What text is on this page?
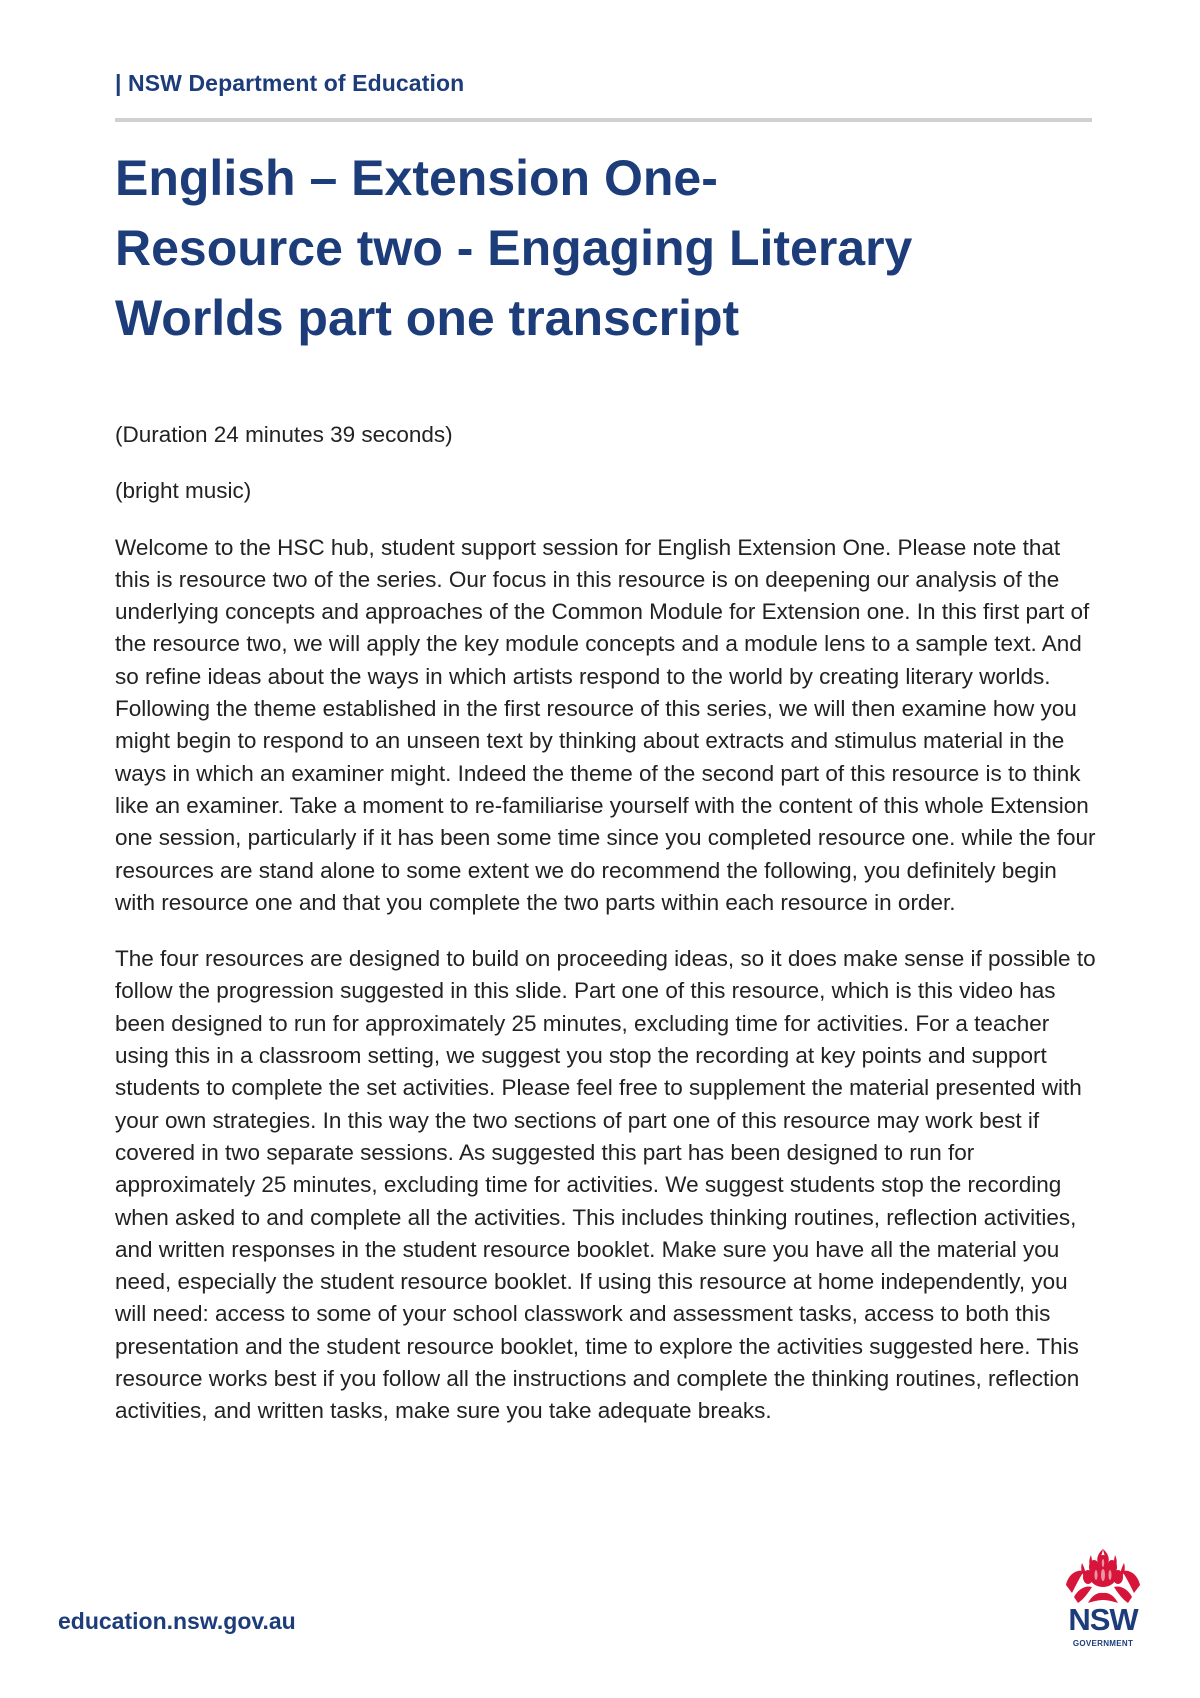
| NSW Department of Education
English – Extension One-
Resource two - Engaging Literary
Worlds part one transcript

(Duration 24 minutes 39 seconds)

(bright music)

Welcome to the HSC hub, student support session for English Extension One. Please note that this is resource two of the series. Our focus in this resource is on deepening our analysis of the underlying concepts and approaches of the Common Module for Extension one. In this first part of the resource two, we will apply the key module concepts and a module lens to a sample text. And so refine ideas about the ways in which artists respond to the world by creating literary worlds. Following the theme established in the first resource of this series, we will then examine how you might begin to respond to an unseen text by thinking about extracts and stimulus material in the ways in which an examiner might. Indeed the theme of the second part of this resource is to think like an examiner. Take a moment to re-familiarise yourself with the content of this whole Extension one session, particularly if it has been some time since you completed resource one. while the four resources are stand alone to some extent we do recommend the following, you definitely begin with resource one and that you complete the two parts within each resource in order.

The four resources are designed to build on proceeding ideas, so it does make sense if possible to follow the progression suggested in this slide. Part one of this resource, which is this video has been designed to run for approximately 25 minutes, excluding time for activities. For a teacher using this in a classroom setting, we suggest you stop the recording at key points and support students to complete the set activities. Please feel free to supplement the material presented with your own strategies. In this way the two sections of part one of this resource may work best if covered in two separate sessions. As suggested this part has been designed to run for approximately 25 minutes, excluding time for activities. We suggest students stop the recording when asked to and complete all the activities. This includes thinking routines, reflection activities, and written responses in the student resource booklet. Make sure you have all the material you need, especially the student resource booklet. If using this resource at home independently, you will need: access to some of your school classwork and assessment tasks, access to both this presentation and the student resource booklet, time to explore the activities suggested here. This resource works best if you follow all the instructions and complete the thinking routines, reflection activities, and written tasks, make sure you take adequate breaks.

education.nsw.gov.au	NSW
GOVERNMENT
